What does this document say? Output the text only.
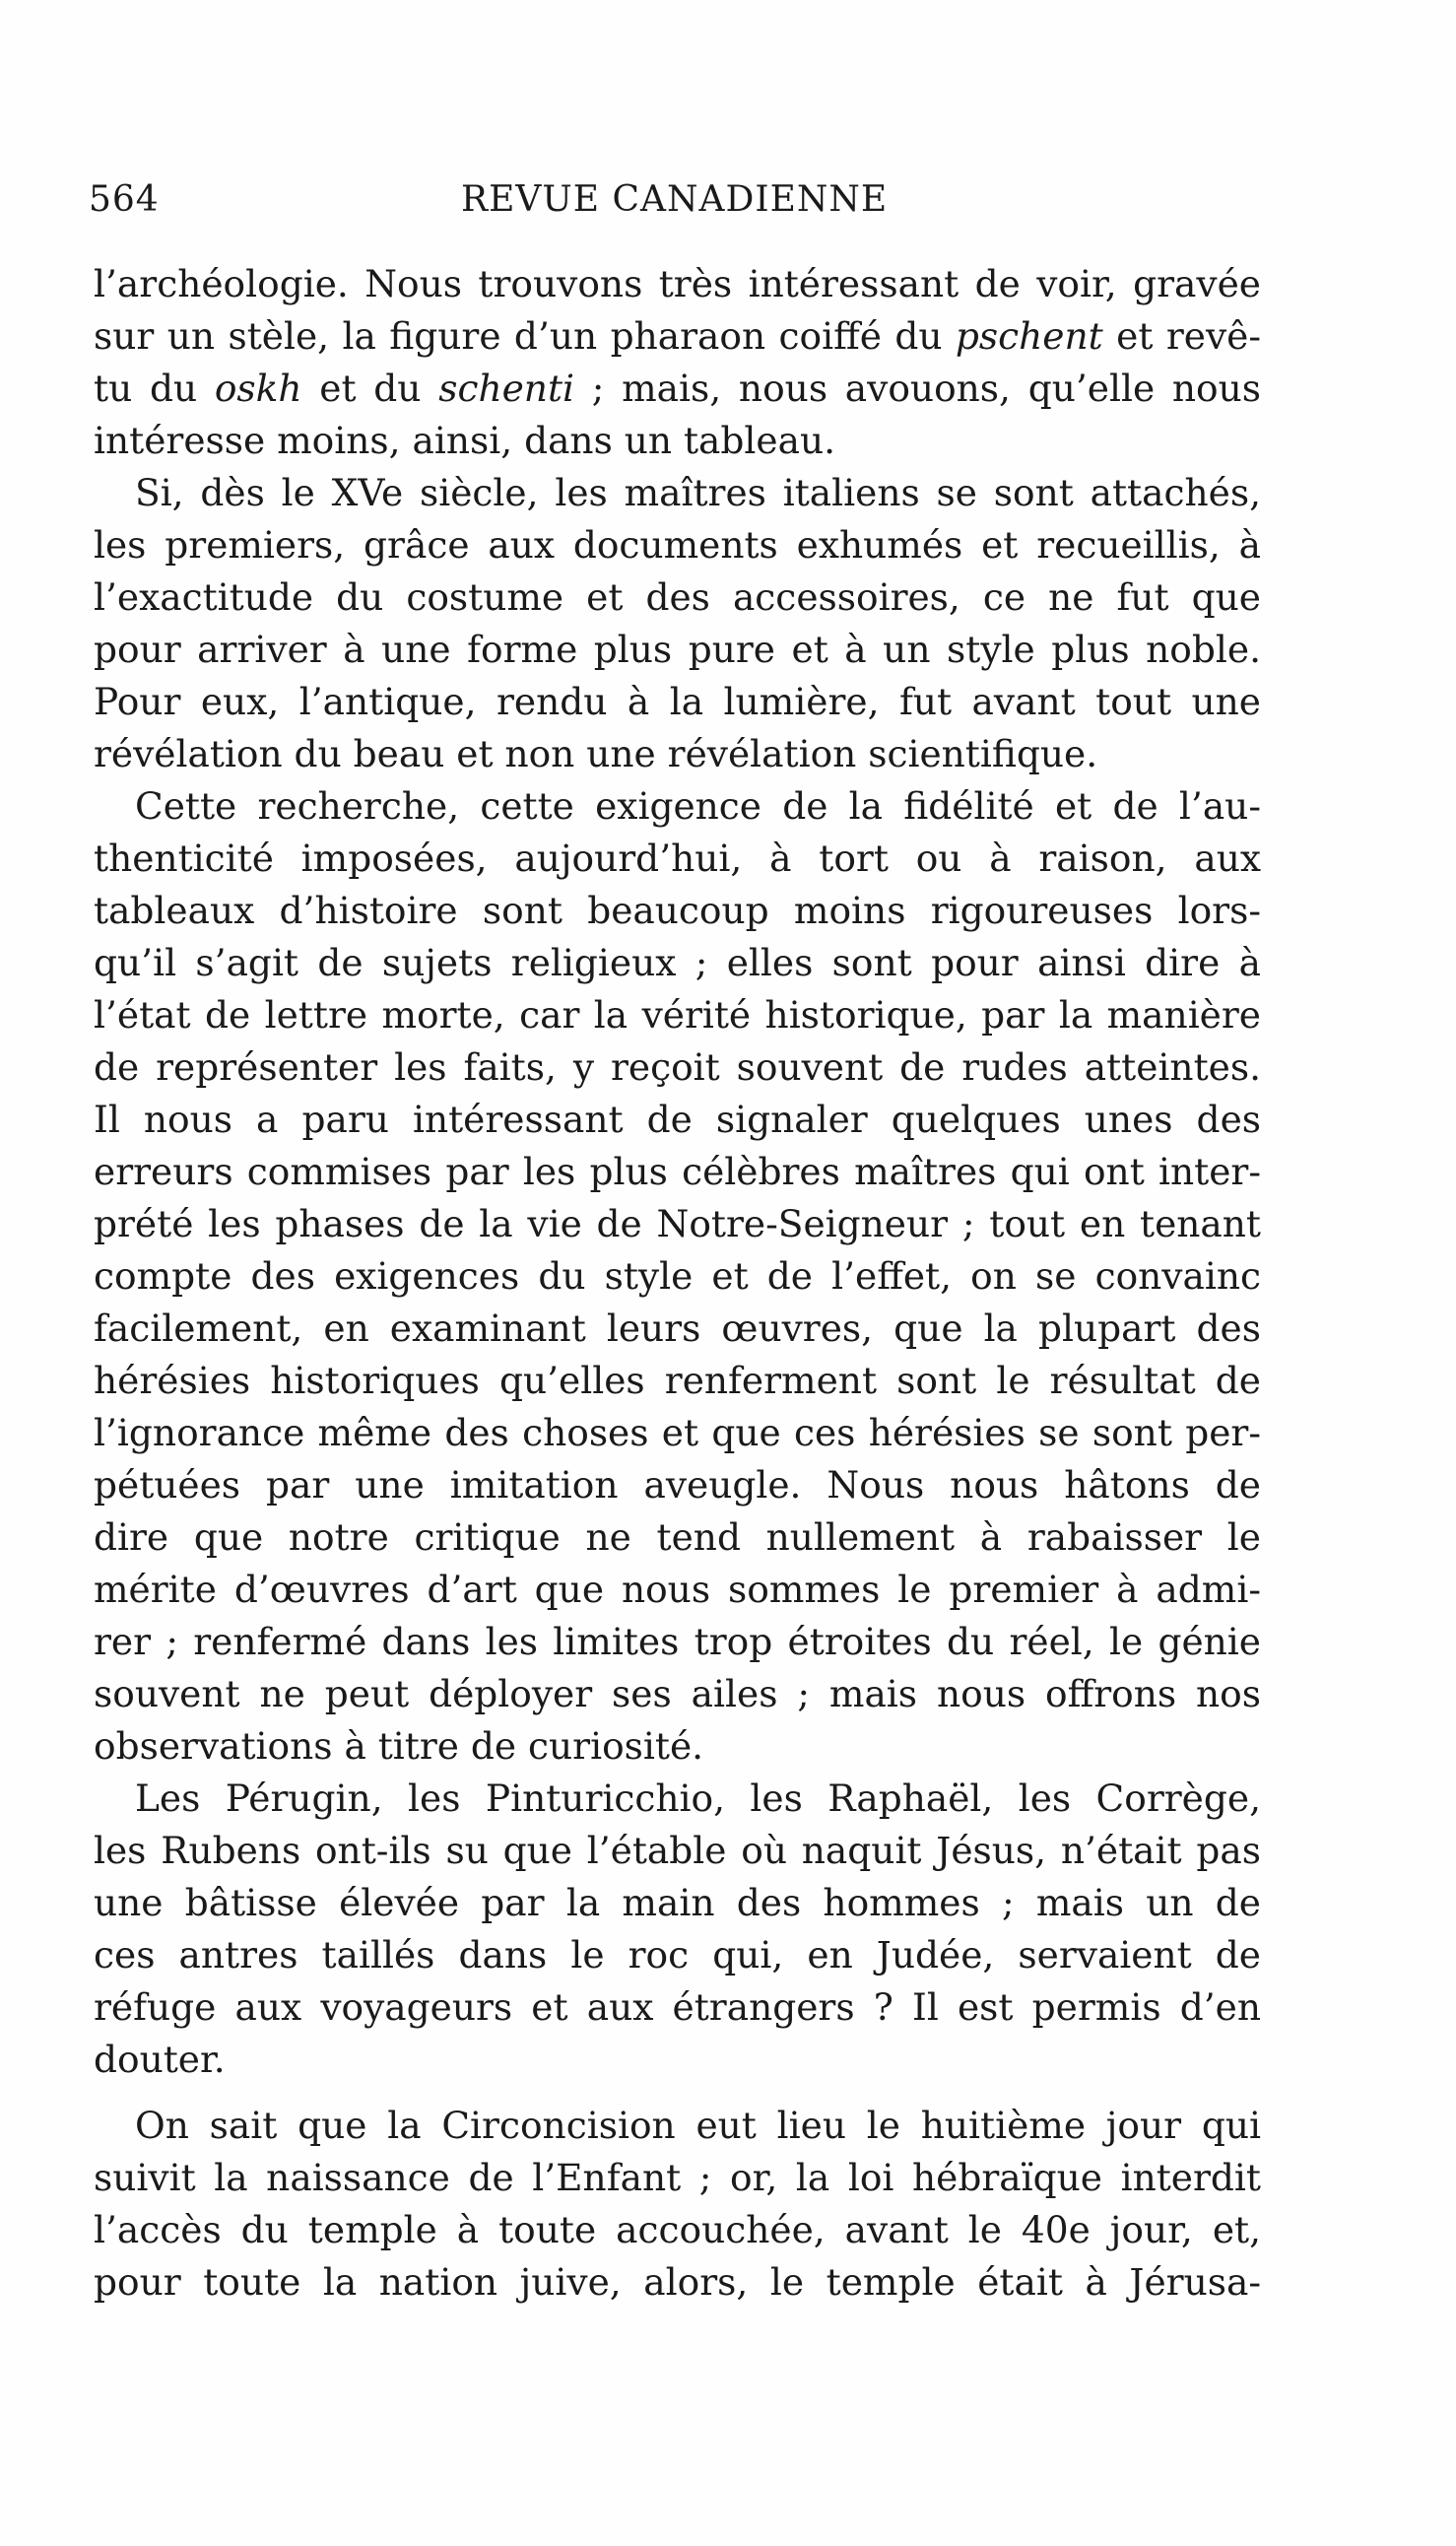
564	REVUE CANADIENNE
l’archéologie. Nous trouvons très intéressant de voir, gravée
sur un stèle, la figure d’un pharaon coiffé du pschent et revê-
tu du oskh et du schenti ; mais, nous avouons, qu’elle nous
intéresse moins, ainsi, dans un tableau.
Si, dès le XVe siècle, les maîtres italiens se sont attachés,
les premiers, grâce aux documents exhumés et recueillis, à
l’exactitude du costume et des accessoires, ce ne fut que
pour arriver à une forme plus pure et à un style plus noble.
Pour eux, l’antique, rendu à la lumière, fut avant tout une
révélation du beau et non une révélation scientifique.
Cette recherche, cette exigence de la fidélité et de l’au-
thenticité imposées, aujourd’hui, à tort ou à raison, aux
tableaux d’histoire sont beaucoup moins rigoureuses lors-
qu’il s’agit de sujets religieux ; elles sont pour ainsi dire à
l’état de lettre morte, car la vérité historique, par la manière
de représenter les faits, y reçoit souvent de rudes atteintes.
Il nous a paru intéressant de signaler quelques unes des
erreurs commises par les plus célèbres maîtres qui ont inter-
prété les phases de la vie de Notre-Seigneur ; tout en tenant
compte des exigences du style et de l’effet, on se convainc
facilement, en examinant leurs œuvres, que la plupart des
hérésies historiques qu’elles renferment sont le résultat de
l’ignorance même des choses et que ces hérésies se sont per-
pétuées par une imitation aveugle. Nous nous hâtons de
dire que notre critique ne tend nullement à rabaisser le
mérite d’œuvres d’art que nous sommes le premier à admi-
rer ; renfermé dans les limites trop étroites du réel, le génie
souvent ne peut déployer ses ailes ; mais nous offrons nos
observations à titre de curiosité.
Les Pérugin, les Pinturicchio, les Raphaël, les Corrège,
les Rubens ont-ils su que l’étable où naquit Jésus, n’était pas
une bâtisse élevée par la main des hommes ; mais un de
ces antres taillés dans le roc qui, en Judée, servaient de
réfuge aux voyageurs et aux étrangers ? Il est permis d’en
douter.
On sait que la Circoncision eut lieu le huitième jour qui
suivit la naissance de l’Enfant ; or, la loi hébraïque interdit
l’accès du temple à toute accouchée, avant le 40e jour, et,
pour toute la nation juive, alors, le temple était à Jérusa-
